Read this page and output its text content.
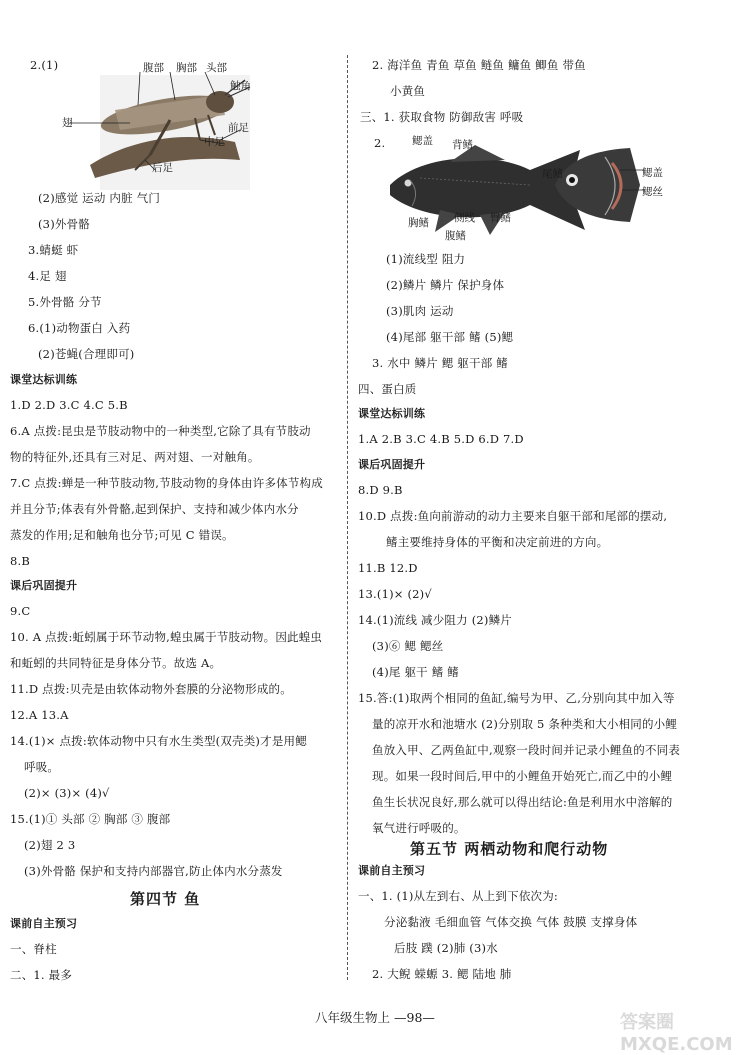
2.(1)	腹部 胸部 头部
触角
翅	前足
中足
后足
(2)感觉 运动 内脏 气门
(3)外骨骼
3.蜻蜓 虾
4.足 翅
5.外骨骼 分节
6.(1)动物蛋白 入药
(2)苍蝇(合理即可)
课堂达标训练
1.D 2.D 3.C 4.C 5.B
6.A 点拨:昆虫是节肢动物中的一种类型,它除了具有节肢动
物的特征外,还具有三对足、两对翅、一对触角。
7.C 点拨:蝉是一种节肢动物,节肢动物的身体由许多体节构成
并且分节;体表有外骨骼,起到保护、支持和减少体内水分
蒸发的作用;足和触角也分节;可见 C 错误。
8.B
课后巩固提升
9.C
10. A 点拨:蚯蚓属于环节动物,蝗虫属于节肢动物。因此蝗虫
和蚯蚓的共同特征是身体分节。故选 A。
11.D 点拨:贝壳是由软体动物外套膜的分泌物形成的。
12.A 13.A
14.(1)× 点拨:软体动物中只有水生类型(双壳类)才是用鳃
呼吸。
(2)× (3)× (4)√
15.(1)① 头部 ② 胸部 ③ 腹部
(2)翅 2 3
(3)外骨骼 保护和支持内部器官,防止体内水分蒸发
第四节 鱼
课前自主预习
一、脊柱
二、1. 最多
2. 海洋鱼 青鱼 草鱼 鲢鱼 鳙鱼 鲫鱼 带鱼
小黄鱼
三、1. 获取食物 防御敌害 呼吸
2.	鳃盖 背鳍
尾鳍
胸鳍 侧线 臀鳍
腹鳍
鳃盖
鳃丝
(1)流线型 阻力
(2)鳞片 鳞片 保护身体
(3)肌肉 运动
(4)尾部 躯干部 鳍 (5)鳃
3. 水中 鳞片 鳃 躯干部 鳍
四、蛋白质
课堂达标训练
1.A 2.B 3.C 4.B 5.D 6.D 7.D
课后巩固提升
8.D 9.B
10.D 点拨:鱼向前游动的动力主要来自躯干部和尾部的摆动,
鳍主要维持身体的平衡和决定前进的方向。
11.B 12.D
13.(1)× (2)√
14.(1)流线 减少阻力 (2)鳞片
(3)⑥ 鳃 鳃丝
(4)尾 躯干 鳍 鳍
15.答:(1)取两个相同的鱼缸,编号为甲、乙,分别向其中加入等
量的凉开水和池塘水 (2)分别取 5 条种类和大小相同的小鲤
鱼放入甲、乙两鱼缸中,观察一段时间并记录小鲤鱼的不同表
现。如果一段时间后,甲中的小鲤鱼开始死亡,而乙中的小鲤
鱼生长状况良好,那么就可以得出结论:鱼是利用水中溶解的
氧气进行呼吸的。
第五节 两栖动物和爬行动物
课前自主预习
一、1. (1)从左到右、从上到下依次为:
分泌黏液 毛细血管 气体交换 气体 鼓膜 支撑身体
后肢 蹼 (2)肺 (3)水
2. 大鲵 蝾螈 3. 鳃 陆地 肺
八年级生物上 —98—	答案圈 MXQE.COM
